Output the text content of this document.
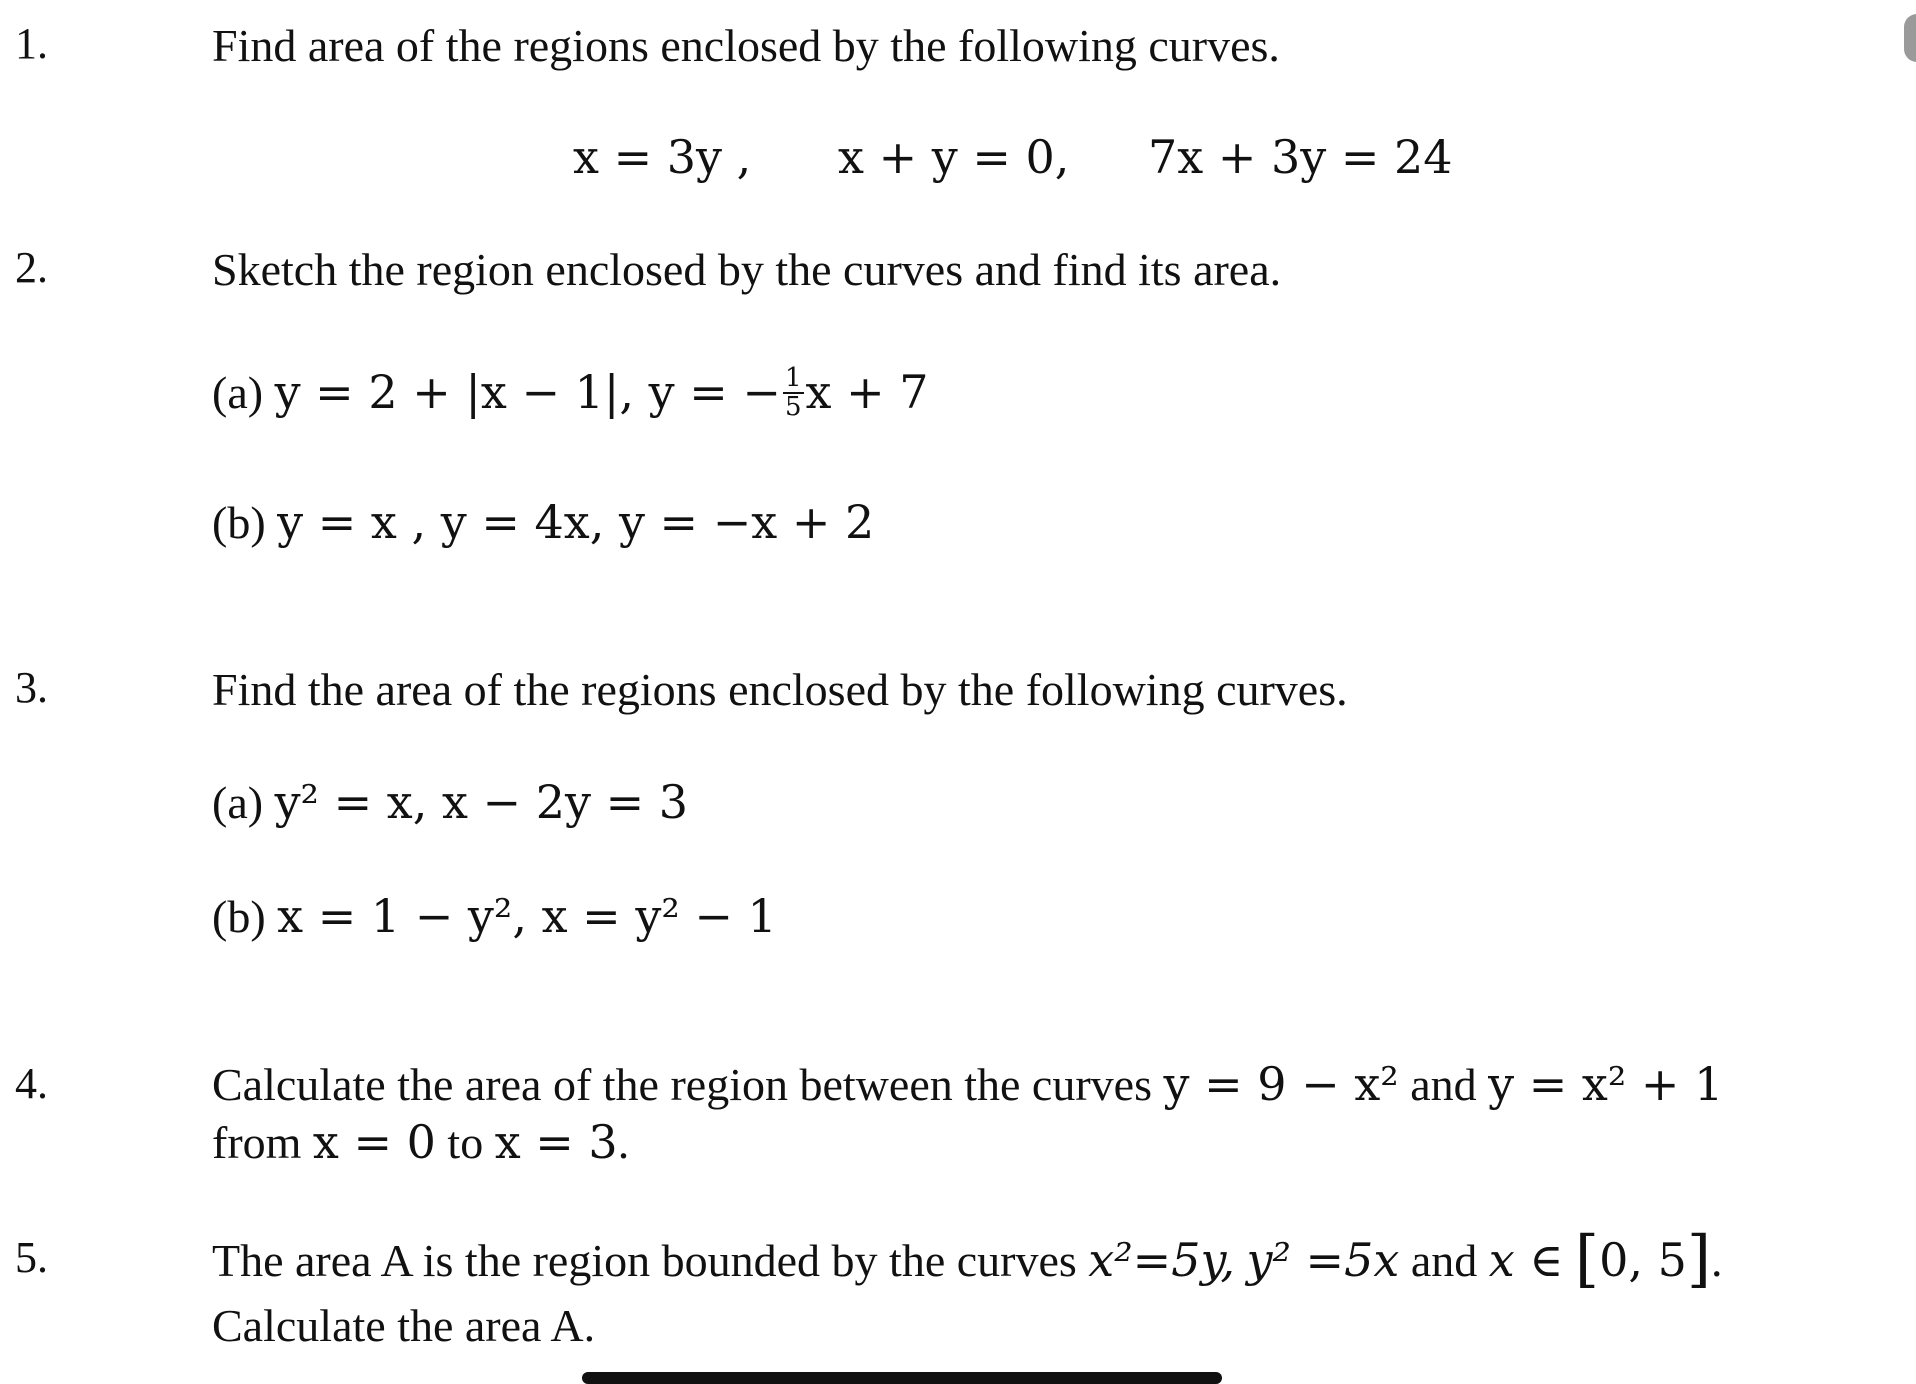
1.	Find area of the regions enclosed by the following curves.
x = 3y , x + y = 0, 7x + 3y = 24
2.	Sketch the region enclosed by the curves and find its area.
(a) y = 2 + |x − 1|, y = − $\frac{1}{5}$ x + 7
(b) y = x , y = 4x, y = −x + 2
3.	Find the area of the regions enclosed by the following curves.
(a) y² = x, x − 2y = 3
(b) x = 1 − y², x = y² − 1
4.	Calculate the area of the region between the curves y = 9 − x² and y = x² + 1
from x = 0 to x = 3.
5.	The area A is the region bounded by the curves x²=5y, y² =5x and x ∈ [0, 5].
Calculate the area A.
